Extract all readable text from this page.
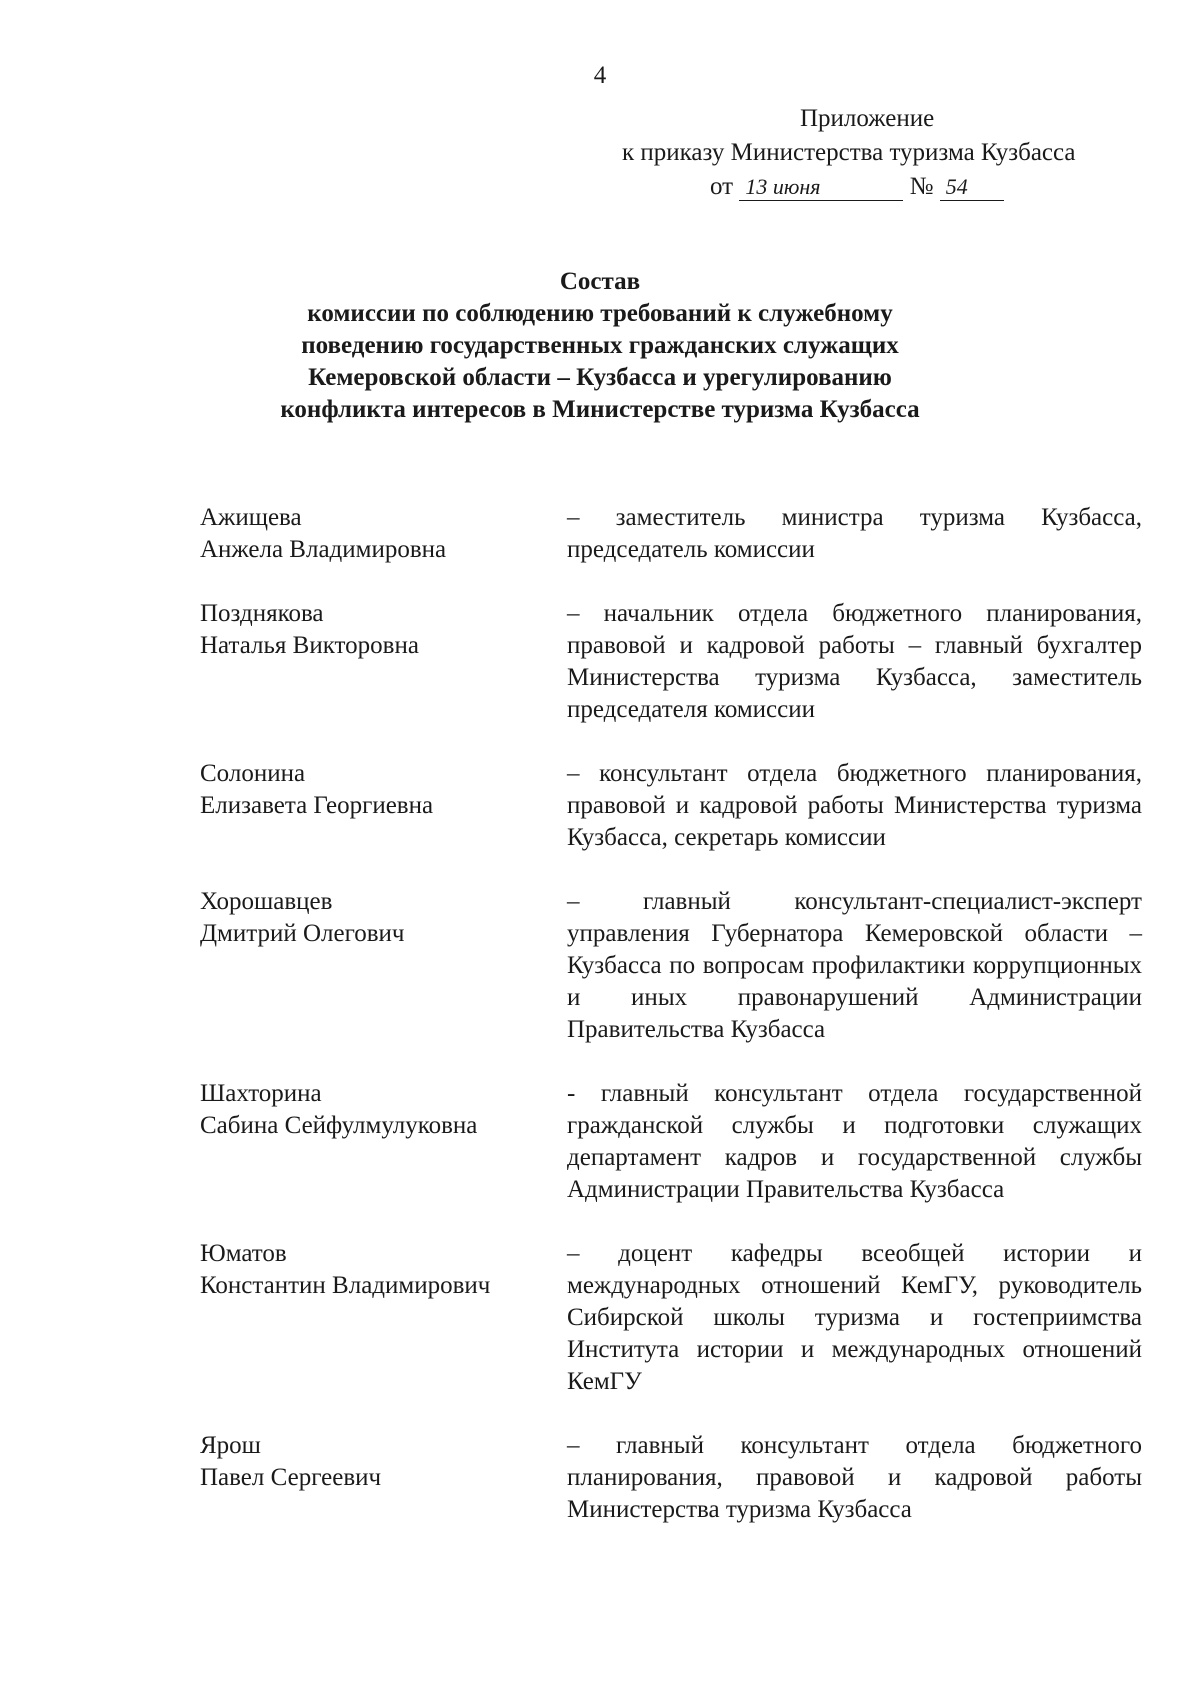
4
Приложение
к приказу Министерства туризма Кузбасса
от 13 июня	№ 54
Состав
комиссии по соблюдению требований к служебному
поведению государственных гражданских служащих
Кемеровской области – Кузбасса и урегулированию
конфликта интересов в Министерстве туризма Кузбасса
Ажищева
Анжела Владимировна
– заместитель министра туризма Кузбасса, председатель комиссии
Позднякова
Наталья Викторовна
– начальник отдела бюджетного планирования, правовой и кадровой работы – главный бухгалтер Министерства туризма Кузбасса, заместитель председателя комиссии
Солонина
Елизавета Георгиевна
– консультант отдела бюджетного планирования, правовой и кадровой работы Министерства туризма Кузбасса, секретарь комиссии
Хорошавцев
Дмитрий Олегович
– главный консультант-специалист-эксперт управления Губернатора Кемеровской области – Кузбасса по вопросам профилактики коррупционных и иных правонарушений Администрации Правительства Кузбасса
Шахторина
Сабина Сейфулмулуковна
- главный консультант отдела государственной гражданской службы и подготовки служащих департамент кадров и государственной службы Администрации Правительства Кузбасса
Юматов
Константин Владимирович
– доцент кафедры всеобщей истории и международных отношений КемГУ, руководитель Сибирской школы туризма и гостеприимства Института истории и международных отношений КемГУ
Ярош
Павел Сергеевич
– главный консультант отдела бюджетного планирования, правовой и кадровой работы Министерства туризма Кузбасса
